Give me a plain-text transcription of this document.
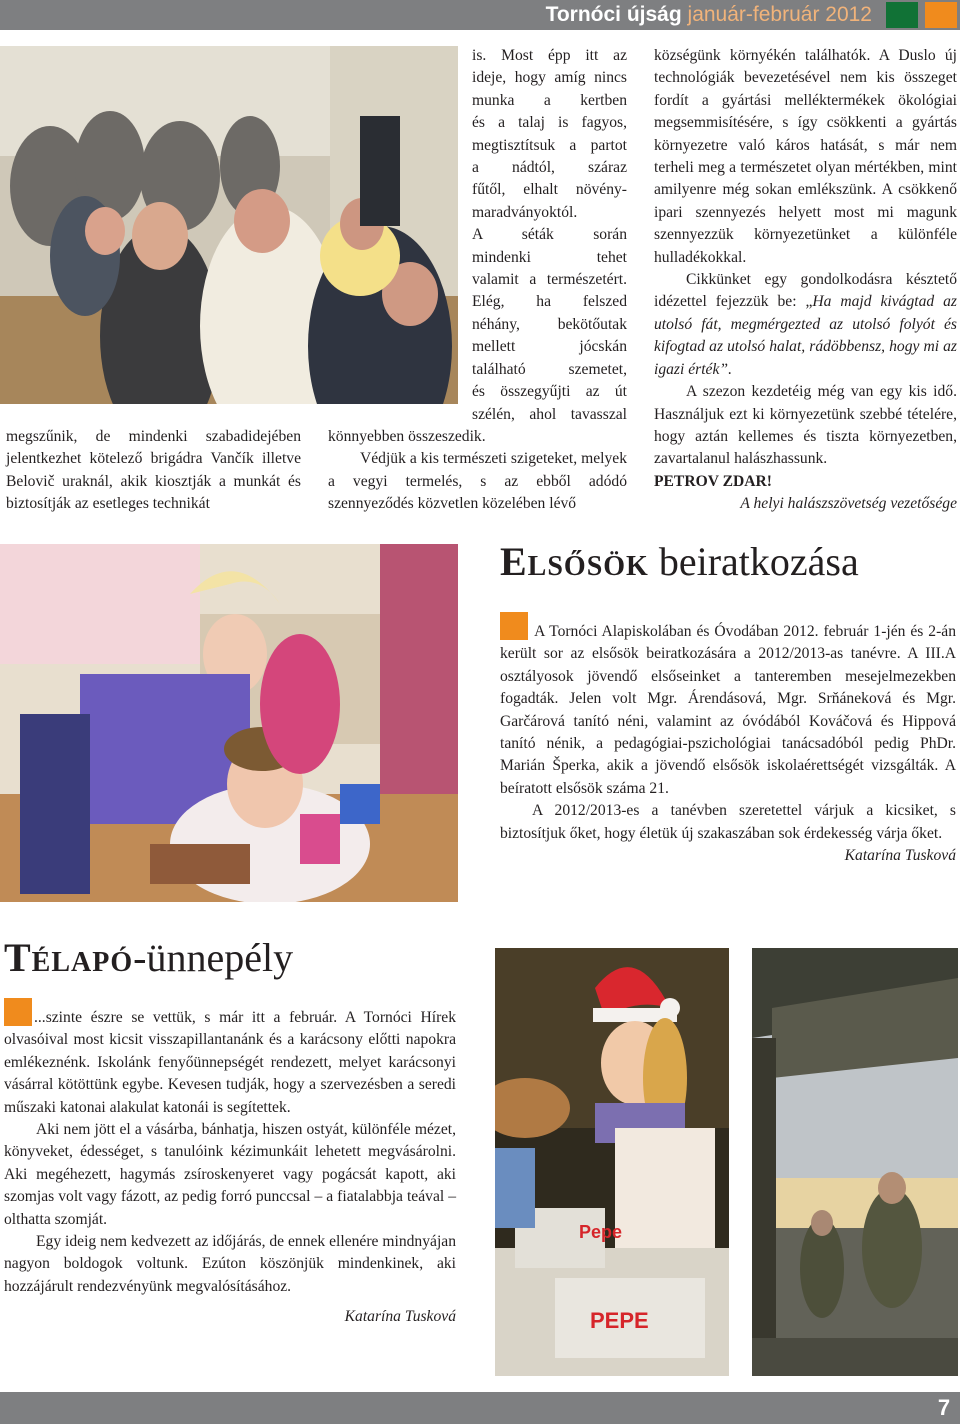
Tornóci újság január-február 2012
megszűnik, de mindenki szabadidejében jelentkezhet kötelező brigádra Vančík illetve Belovič uraknál, akik kiosztják a munkát és biztosítják az esetleges technikát
is. Most épp itt az
ideje, hogy amíg nincs
munka a kertben
és a talaj is fagyos,
megtisztítsuk a partot
a nádtól, száraz
fűtől, elhalt növény-
maradványoktól.
A séták során
mindenki tehet
valamit a természetért.
Elég, ha felszed
néhány, bekötőutak
mellett jócskán
található szemetet,
és összegyűjti az út
szélén, ahol tavasszal

könnyebben összeszedik.

Védjük a kis természeti szigeteket, melyek a vegyi termelés, s az ebből adódó szennyeződés közvetlen közelében lévő

községünk környékén találhatók. A Duslo új technológiák bevezetésével nem kis összeget fordít a gyártási melléktermékek ökológiai megsemmisítésére, s így csökkenti a gyártás környezetre való káros hatását, s már nem terheli meg a természetet olyan mértékben, mint amilyenre még sokan emlékszünk. A csökkenő ipari szennyezés helyett most mi magunk szennyezzük környezetünket a különféle hulladékokkal.

Cikkünket egy gondolkodásra késztető idézettel fejezzük be: „Ha majd kivágtad az utolsó fát, megmérgezted az utolsó folyót és kifogtad az utolsó halat, rádöbbensz, hogy mi az igazi érték”.

A szezon kezdetéig még van egy kis idő. Használjuk ezt ki környezetünk szebbé tételére, hogy aztán kellemes és tiszta környezetben, zavartalanul halászhassunk.

PETROV ZDAR!

A helyi halászszövetség vezetősége

Elsősök beiratkozása

A Tornóci Alapiskolában és Óvodában 2012. február 1-jén és 2-án került sor az elsősök beiratkozására a 2012/2013-as tanévre. A III.A osztályosok jövendő elsőseinket a tanteremben mesejelmezekben fogadták. Jelen volt Mgr. Árendásová, Mgr. Srňáneková és Mgr. Garčárová tanító néni, valamint az óvódából Kováčová és Hippová tanító nénik, a pedagógiai-pszichológiai tanácsadóból pedig PhDr. Marián Šperka, akik a jövendő elsősök iskolaérettségét vizsgálták. A beíratott elsősök száma 21.

A 2012/2013-es a tanévben szeretettel várjuk a kicsiket, s biztosítjuk őket, hogy életük új szakaszában sok érdekesség várja őket.

Katarína Tusková

Télapó-ünnepély

...szinte észre se vettük, s már itt a február. A Tornóci Hírek olvasóival most kicsit visszapillantanánk és a karácsony előtti napokra emlékeznénk. Iskolánk fenyőünnepségét rendezett, melyet karácsonyi vásárral kötöttünk egybe. Kevesen tudják, hogy a szervezésben a seredi műszaki katonai alakulat katonái is segítettek.

Aki nem jött el a vásárba, bánhatja, hiszen ostyát, különféle mézet, könyveket, édességet, s tanulóink kézimunkáit lehetett megvásárolni. Aki megéhezett, hagymás zsíroskenyeret vagy pogácsát kapott, aki szomjas volt vagy fázott, az pedig forró punccsal – a fiatalabbja teával – olthatta szomját.

Egy ideig nem kedvezett az időjárás, de ennek ellenére mindnyájan nagyon boldogok voltunk. Ezúton köszönjük mindenkinek, aki hozzájárult rendezvényünk megvalósításához.

Katarína Tusková

Pepe
PEPE
7
